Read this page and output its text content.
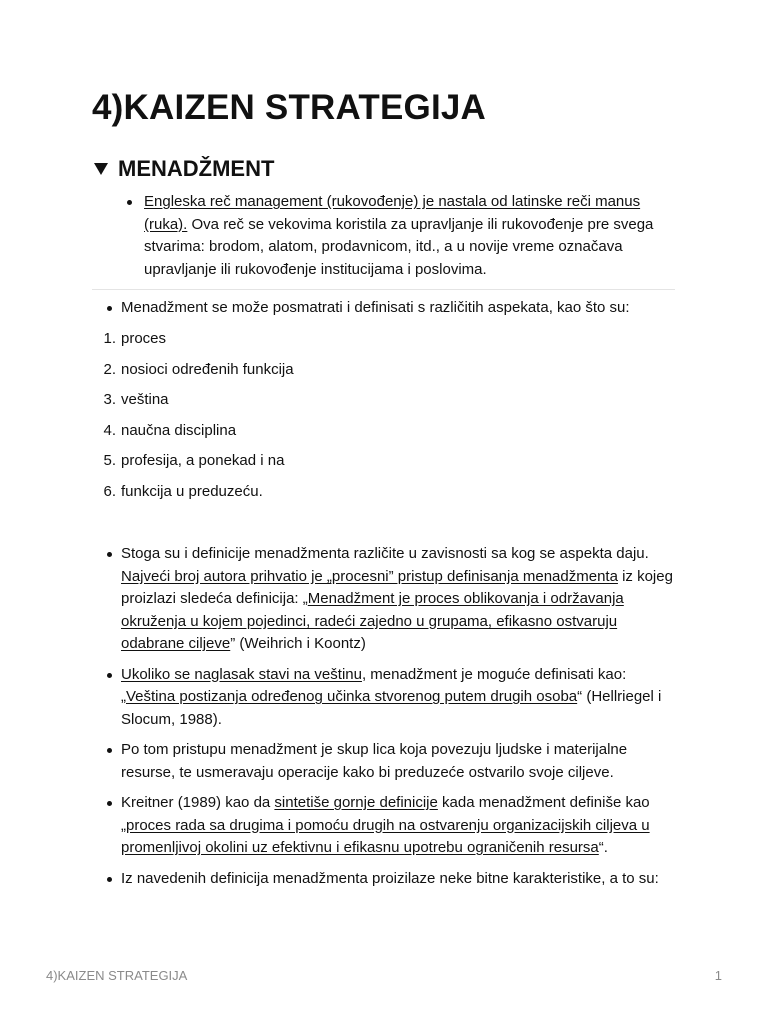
4)KAIZEN STRATEGIJA
MENADŽMENT
Engleska reč management (rukovođenje) je nastala od latinske reči manus (ruka). Ova reč se vekovima koristila za upravljanje ili rukovođenje pre svega stvarima: brodom, alatom, prodavnicom, itd., a u novije vreme označava upravljanje ili rukovođenje institucijama i poslovima.
Menadžment se može posmatrati i definisati s različitih aspekata, kao što su:
1. proces
2. nosioci određenih funkcija
3. veština
4. naučna disciplina
5. profesija, a ponekad i na
6. funkcija u preduzeću.
Stoga su i definicije menadžmenta različite u zavisnosti sa kog se aspekta daju. Najveći broj autora prihvatio je „procesni” pristup definisanja menadžmenta iz kojeg proizlazi sledeća definicija: „Menadžment je proces oblikovanja i održavanja okruženja u kojem pojedinci, radeći zajedno u grupama, efikasno ostvaruju odabrane ciljeve” (Weihrich i Koontz)
Ukoliko se naglasak stavi na veštinu, menadžment je moguće definisati kao: „Veština postizanja određenog učinka stvorenog putem drugih osoba“ (Hellriegel i Slocum, 1988).
Po tom pristupu menadžment je skup lica koja povezuju ljudske i materijalne resurse, te usmeravaju operacije kako bi preduzeće ostvarilo svoje ciljeve.
Kreitner (1989) kao da sintetiše gornje definicije kada menadžment definiše kao „proces rada sa drugima i pomoću drugih na ostvarenju organizacijskih ciljeva u promenljivoj okolini uz efektivnu i efikasnu upotrebu ograničenih resursa“.
Iz navedenih definicija menadžmenta proizilaze neke bitne karakteristike, a to su:
4)KAIZEN STRATEGIJA	1
